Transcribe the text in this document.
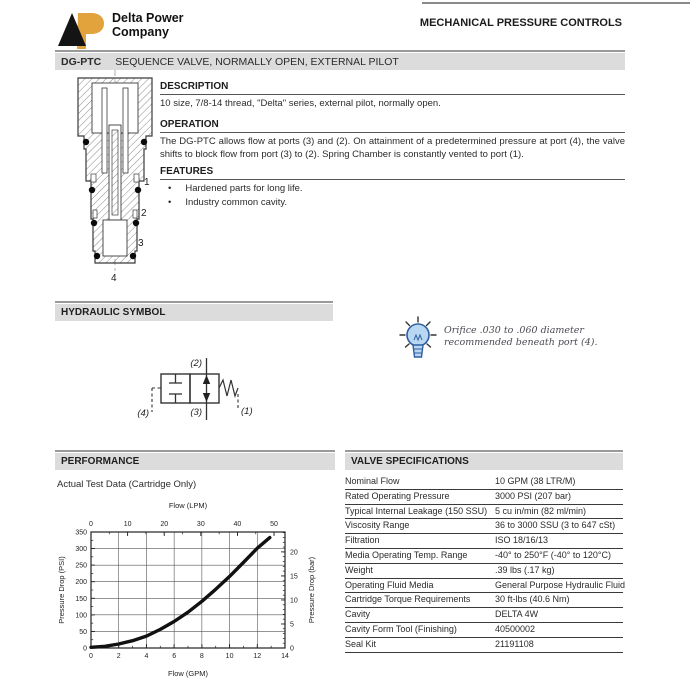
Delta Power
Company
MECHANICAL PRESSURE CONTROLS
DG-PTC SEQUENCE VALVE, NORMALLY OPEN, EXTERNAL PILOT
1
2
3
4
DESCRIPTION
10 size, 7/8-14 thread, "Delta" series, external pilot, normally open.
OPERATION
The DG-PTC allows flow at ports (3) and (2). On attainment of a predetermined pressure at port (4), the valve shifts to block flow from port (3) to (2). Spring Chamber is constantly vented to port (1).
FEATURES
• Hardened parts for long life.
• Industry common cavity.
HYDRAULIC SYMBOL
(2)
(3)
(4)	(1)
Orifice .030 to .060 diameter recommended beneath port (4).
PERFORMANCE
Actual Test Data (Cartridge Only)
0	2	4	6	8	10	12	14
0	10	20	30	40	50
0
50
100
150
200
250
300
350
0
5
10
15
20
Flow (LPM)
Flow (GPM)
Pressure Drop (PSI)	Pressure Drop (bar)
VALVE SPECIFICATIONS
Nominal Flow	10 GPM (38 LTR/M)
Rated Operating Pressure	3000 PSI (207 bar)
Typical Internal Leakage (150 SSU) 5 cu in/min (82 ml/min)
Viscosity Range	36 to 3000 SSU (3 to 647 cSt)
Filtration	ISO 18/16/13
Media Operating Temp. Range	-40° to 250°F (-40° to 120°C)
Weight	.39 lbs (.17 kg)
Operating Fluid Media	General Purpose Hydraulic Fluid
Cartridge Torque Requirements	30 ft-lbs (40.6 Nm)
Cavity	DELTA 4W
Cavity Form Tool (Finishing)	40500002
Seal Kit	21191108
